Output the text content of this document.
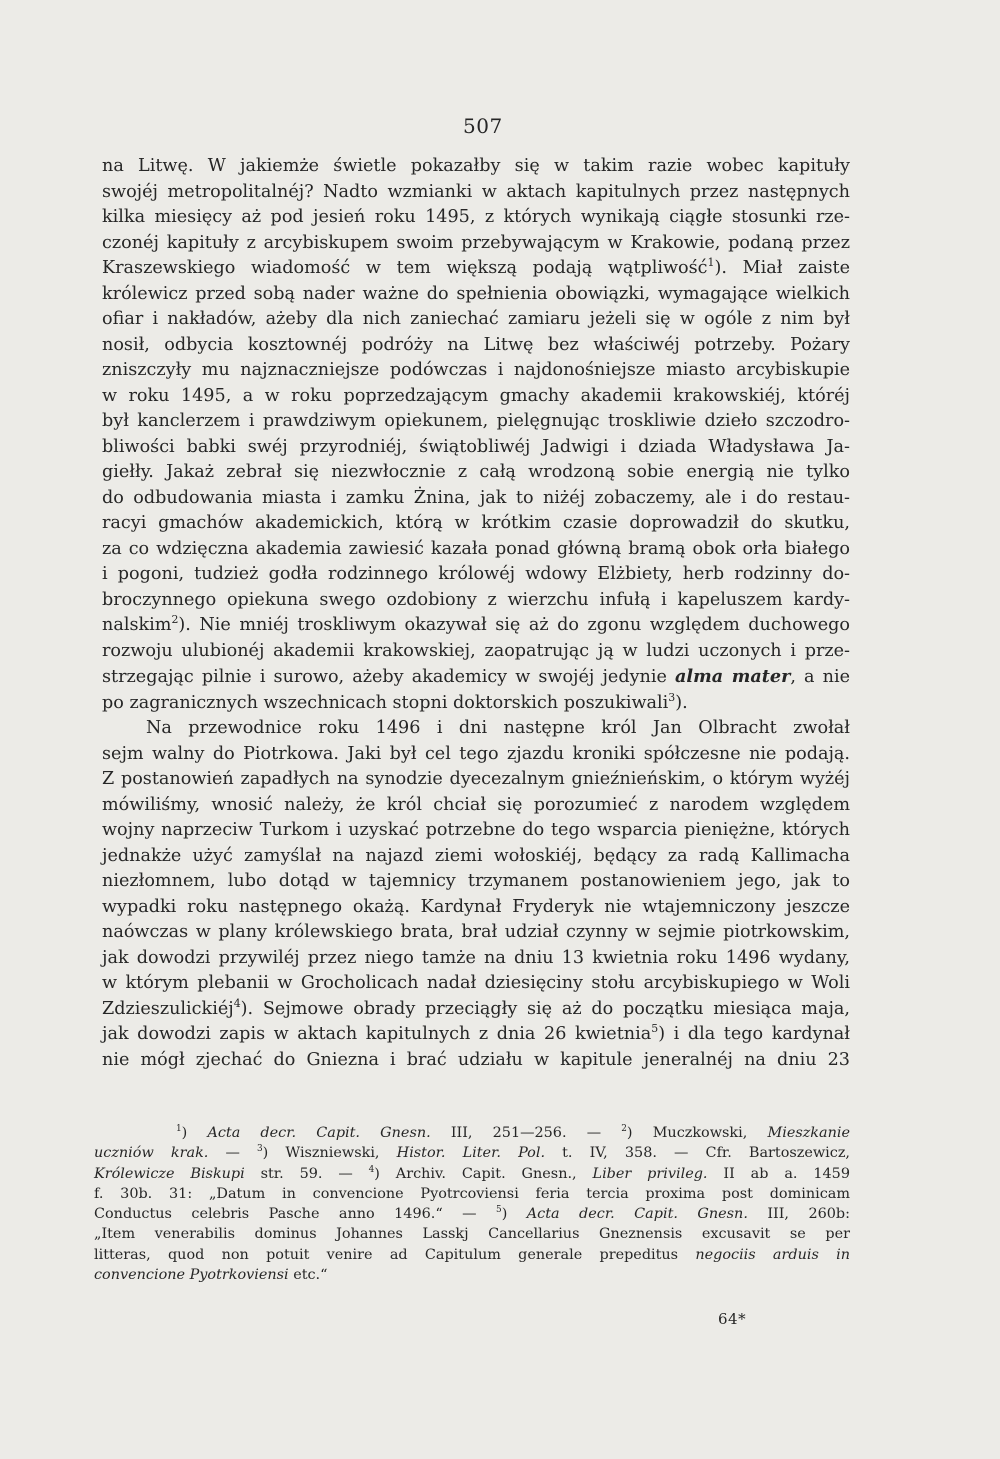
507

na Litwę. W jakiemże świetle pokazałby się w takim razie wobec kapituły

swojéj metropolitalnéj? Nadto wzmianki w aktach kapitulnych przez następnych

kilka miesięcy aż pod jesień roku 1495, z których wynikają ciągłe stosunki rze-

czonéj kapituły z arcybiskupem swoim przebywającym w Krakowie, podaną przez

Kraszewskiego wiadomość w tem większą podają wątpliwość$^1$). Miał zaiste

królewicz przed sobą nader ważne do spełnienia obowiązki, wymagające wielkich

ofiar i nakładów, ażeby dla nich zaniechać zamiaru jeżeli się w ogóle z nim był

nosił, odbycia kosztownéj podróży na Litwę bez właściwéj potrzeby. Pożary

zniszczyły mu najznaczniejsze podówczas i najdonośniejsze miasto arcybiskupie

w roku 1495, a w roku poprzedzającym gmachy akademii krakowskiéj, któréj

był kanclerzem i prawdziwym opiekunem, pielęgnując troskliwie dzieło szczodro-

bliwości babki swéj przyrodniéj, świątobliwéj Jadwigi i dziada Władysława Ja-

giełły. Jakaż zebrał się niezwłocznie z całą wrodzoną sobie energią nie tylko

do odbudowania miasta i zamku Żnina, jak to niżéj zobaczemy, ale i do restau-

racyi gmachów akademickich, którą w krótkim czasie doprowadził do skutku,

za co wdzięczna akademia zawiesić kazała ponad główną bramą obok orła białego

i pogoni, tudzież godła rodzinnego królowéj wdowy Elżbiety, herb rodzinny do-

broczynnego opiekuna swego ozdobiony z wierzchu infułą i kapeluszem kardy-

nalskim$^2$). Nie mniéj troskliwym okazywał się aż do zgonu względem duchowego

rozwoju ulubionéj akademii krakowskiej, zaopatrując ją w ludzi uczonych i prze-

strzegając pilnie i surowo, ażeby akademicy w swojéj jedynie alma mater, a nie

po zagranicznych wszechnicach stopni doktorskich poszukiwali$^3$).

Na przewodnice roku 1496 i dni następne król Jan Olbracht zwołał

sejm walny do Piotrkowa. Jaki był cel tego zjazdu kroniki spółczesne nie podają.

Z postanowień zapadłych na synodzie dyecezalnym gnieźnieńskim, o którym wyżéj

mówiliśmy, wnosić należy, że król chciał się porozumieć z narodem względem

wojny naprzeciw Turkom i uzyskać potrzebne do tego wsparcia pieniężne, których

jednakże użyć zamyślał na najazd ziemi wołoskiéj, będący za radą Kallimacha

niezłomnem, lubo dotąd w tajemnicy trzymanem postanowieniem jego, jak to

wypadki roku następnego okażą. Kardynał Fryderyk nie wtajemniczony jeszcze

naówczas w plany królewskiego brata, brał udział czynny w sejmie piotrkowskim,

jak dowodzi przywiléj przez niego tamże na dniu 13 kwietnia roku 1496 wydany,

w którym plebanii w Grocholicach nadał dziesięciny stołu arcybiskupiego w Woli

Zdzieszulickiéj$^4$). Sejmowe obrady przeciągły się aż do początku miesiąca maja,

jak dowodzi zapis w aktach kapitulnych z dnia 26 kwietnia$^5$) i dla tego kardynał

nie mógł zjechać do Gniezna i brać udziału w kapitule jeneralnéj na dniu 23

$^1$) Acta decr. Capit. Gnesn. III, 251—256. — $^2$) Muczkowski, Mieszkanie

uczniów krak. — $^3$) Wiszniewski, Histor. Liter. Pol. t. IV, 358. — Cfr. Bartoszewicz,

Królewicze Biskupi str. 59. — $^4$) Archiv. Capit. Gnesn., Liber privileg. II ab a. 1459

f. 30b. 31: „Datum in convencione Pyotrcoviensi feria tercia proxima post dominicam

Conductus celebris Pasche anno 1496.“ — $^5$) Acta decr. Capit. Gnesn. III, 260b:

„Item venerabilis dominus Johannes Lasskj Cancellarius Gneznensis excusavit se per

litteras, quod non potuit venire ad Capitulum generale prepeditus negociis arduis in

convencione Pyotrkoviensi etc.“

64*
